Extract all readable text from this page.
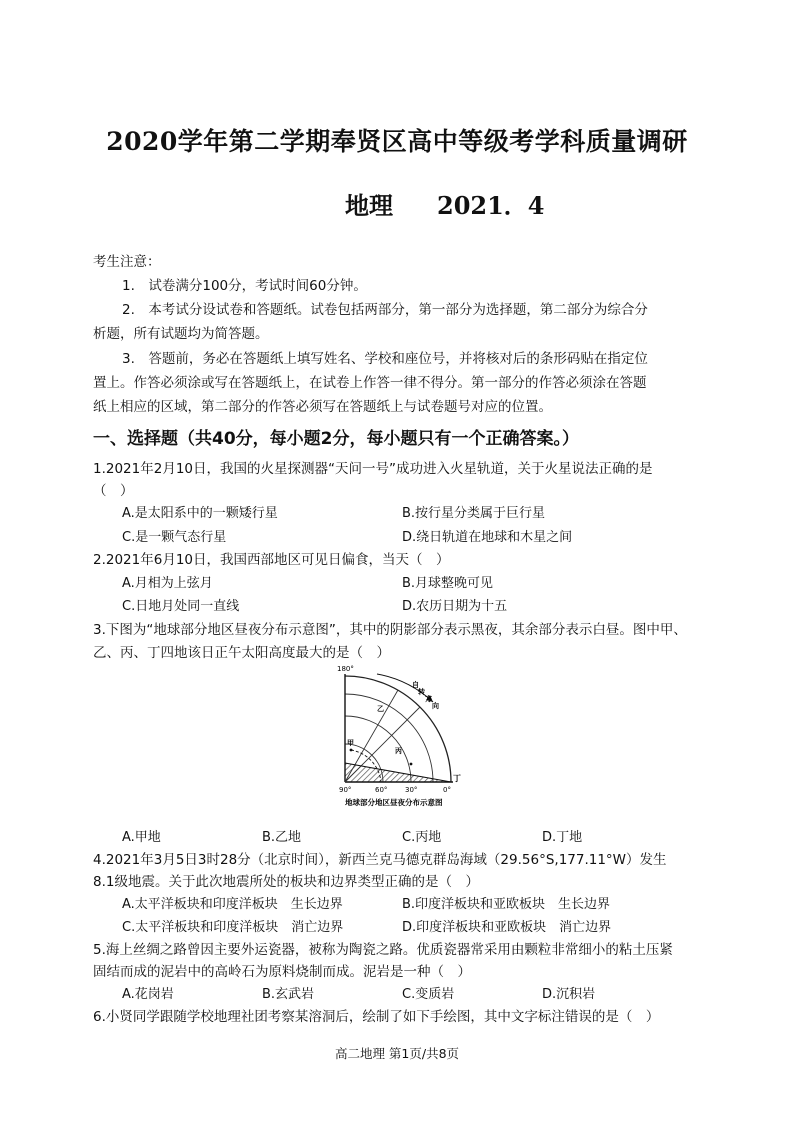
2020学年第二学期奉贤区高中等级考学科质量调研
地理 2021．4
考生注意：
1.　试卷满分100分，考试时间60分钟。
2.　本考试分设试卷和答题纸。试卷包括两部分，第一部分为选择题，第二部分为综合分
析题，所有试题均为简答题。
3.　答题前，务必在答题纸上填写姓名、学校和座位号，并将核对后的条形码贴在指定位
置上。作答必须涂或写在答题纸上，在试卷上作答一律不得分。第一部分的作答必须涂在答题
纸上相应的区域，第二部分的作答必须写在答题纸上与试卷题号对应的位置。
一、选择题（共40分，每小题2分，每小题只有一个正确答案。）
1.2021年2月10日，我国的火星探测器“天问一号”成功进入火星轨道，关于火星说法正确的是
（　）
A.是太阳系中的一颗矮行星	B.按行星分类属于巨行星
C.是一颗气态行星	D.绕日轨道在地球和木星之间
2.2021年6月10日，我国西部地区可见日偏食，当天（　）
A.月相为上弦月	B.月球整晚可见
C.日地月处同一直线	D.农历日期为十五
3.下图为“地球部分地区昼夜分布示意图”，其中的阴影部分表示黑夜，其余部分表示白昼。图中甲、
乙、丙、丁四地该日正午太阳高度最大的是（　）
自
转
方
向
180°
甲
乙
丙
丁
90°	60°	30°	0°
地球部分地区昼夜分布示意图
A.甲地	B.乙地	C.丙地	D.丁地
4.2021年3月5日3时28分（北京时间），新西兰克马德克群岛海域（29.56°S,177.11°W）发生
8.1级地震。关于此次地震所处的板块和边界类型正确的是（　）
A.太平洋板块和印度洋板块　生长边界	B.印度洋板块和亚欧板块　生长边界
C.太平洋板块和印度洋板块　消亡边界	D.印度洋板块和亚欧板块　消亡边界
5.海上丝绸之路曾因主要外运瓷器，被称为陶瓷之路。优质瓷器常采用由颗粒非常细小的粘土压紧
固结而成的泥岩中的高岭石为原料烧制而成。泥岩是一种（　）
A.花岗岩	B.玄武岩	C.变质岩	D.沉积岩
6.小贤同学跟随学校地理社团考察某溶洞后，绘制了如下手绘图，其中文字标注错误的是（　）
高二地理 第1页/共8页
